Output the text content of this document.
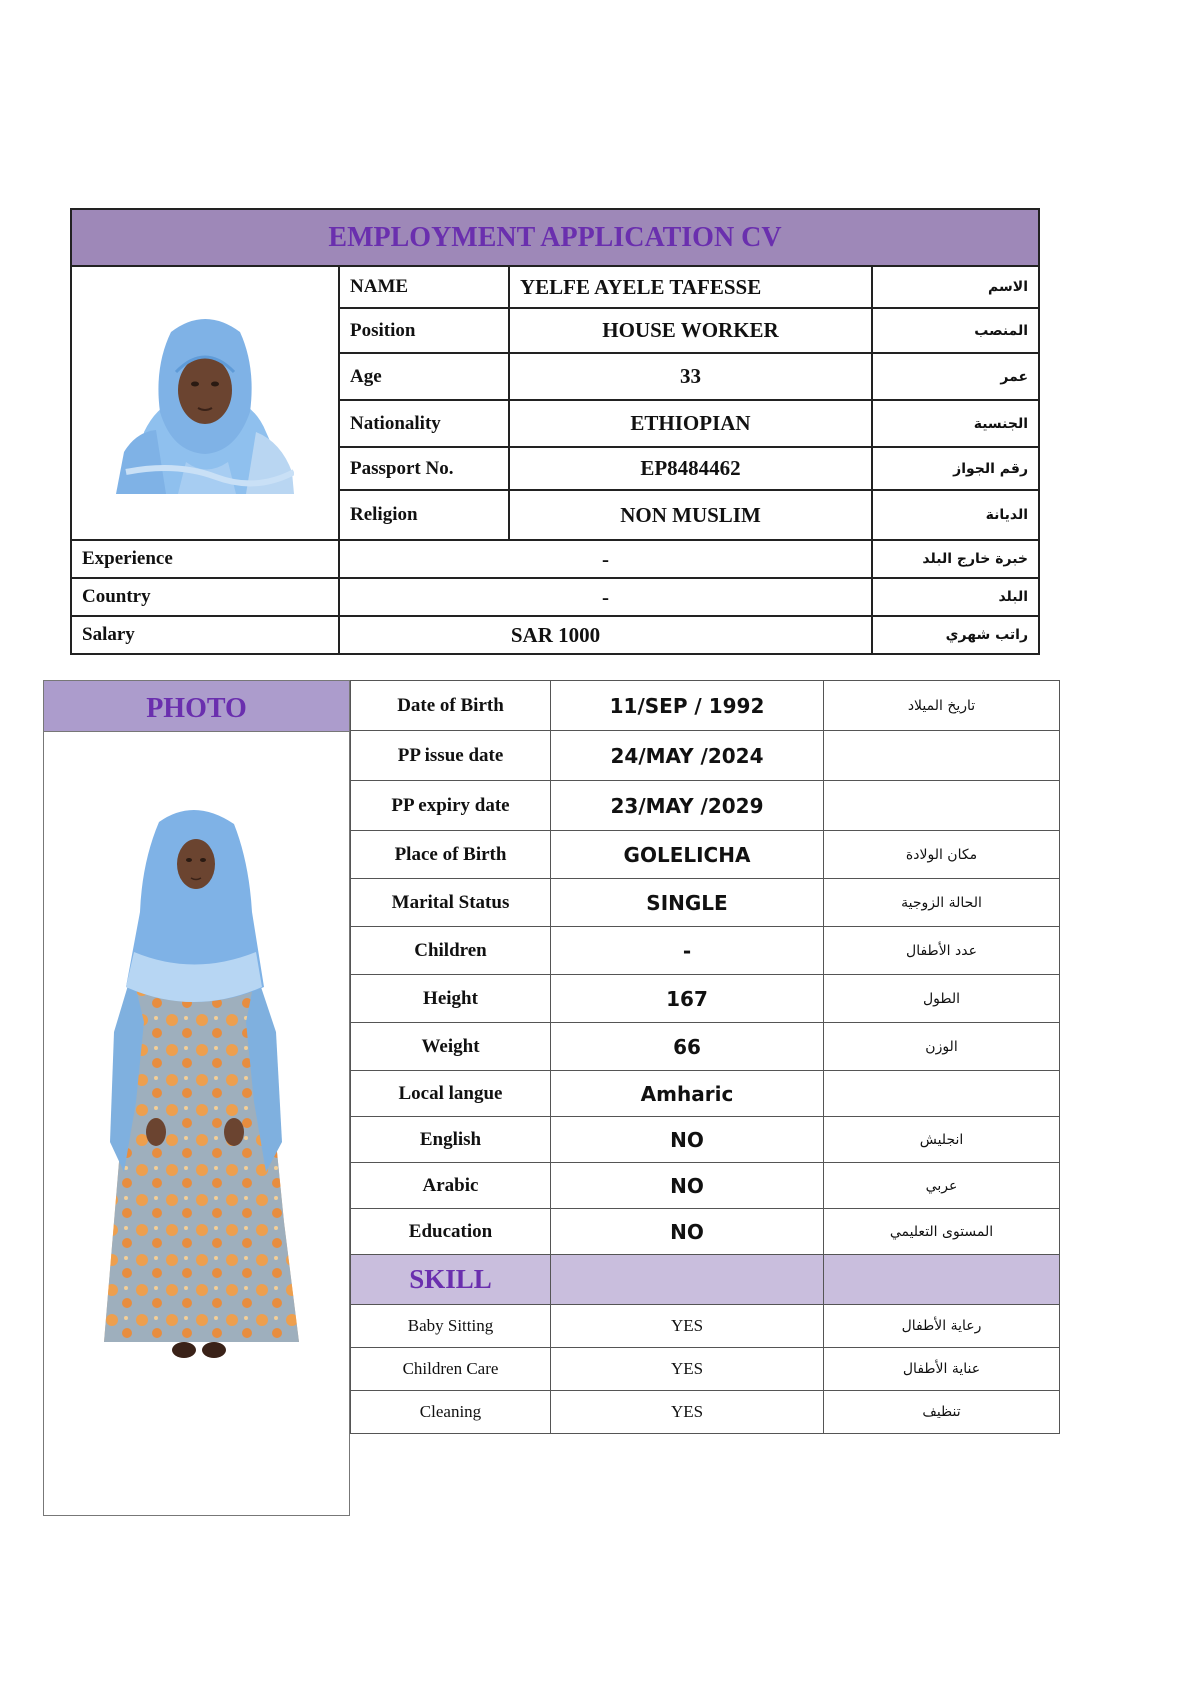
EMPLOYMENT APPLICATION CV			

	NAME	YELFE AYELE TAFESSE	الاسم
	Position	HOUSE WORKER	المنصب
	Age	33	عمر
	Nationality	ETHIOPIAN	الجنسية
	Passport No.	EP8484462	رقم الجواز
	Religion	NON MUSLIM	الديانة
Experience	-		خبرة خارج البلد
Country	-		البلد
Salary	SAR 1000		راتب شهري
PHOTO	Date of Birth	11/SEP / 1992	تاريخ الميلاد
PP issue date	24/MAY /2024	
PP expiry date	23/MAY /2029	
Place of Birth	GOLELICHA	مكان الولادة
Marital Status	SINGLE	الحالة الزوجية
Children	-	عدد الأطفال
Height	167	الطول
Weight	66	الوزن
Local langue	Amharic	
English	NO	انجليش
Arabic	NO	عربي
Education	NO	المستوى التعليمي
SKILL		
Baby Sitting	YES	رعاية الأطفال
Children Care	YES	عناية الأطفال
Cleaning	YES	تنظيف
